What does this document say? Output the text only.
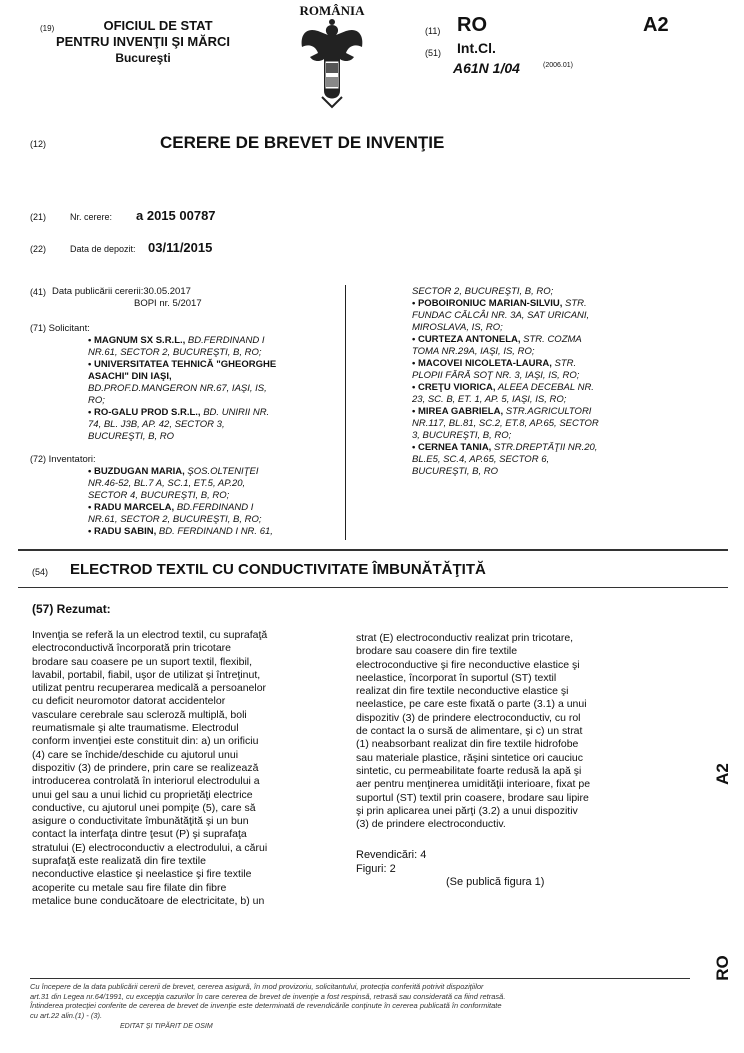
(19)	OFICIUL DE STAT
PENTRU INVENŢII ŞI MĂRCI
Bucureşti
ROMÂNIA
(11) RO	A2
(51)	Int.Cl.
A61N 1/04	(2006.01)
(12)	CERERE DE BREVET DE INVENŢIE
(21)	Nr. cerere: a 2015 00787
(22)	Data de depozit: 03/11/2015
(41) Data publicării cererii:30.05.2017
BOPI nr. 5/2017
(71) Solicitant:
• MAGNUM SX S.R.L., BD.FERDINAND I
NR.61, SECTOR 2, BUCUREŞTI, B, RO;
• UNIVERSITATEA TEHNICĂ "GHEORGHE
ASACHI" DIN IAŞI,
BD.PROF.D.MANGERON NR.67, IAŞI, IS,
RO;
• RO-GALU PROD S.R.L., BD. UNIRII NR.
74, BL. J3B, AP. 42, SECTOR 3,
BUCUREŞTI, B, RO
(72) Inventatori:
• BUZDUGAN MARIA, ŞOS.OLTENIŢEI
NR.46-52, BL.7 A, SC.1, ET.5, AP.20,
SECTOR 4, BUCUREŞTI, B, RO;
• RADU MARCELA, BD.FERDINAND I
NR.61, SECTOR 2, BUCUREŞTI, B, RO;
• RADU SABIN, BD. FERDINAND I NR. 61,
SECTOR 2, BUCUREŞTI, B, RO;
• POBOIRONIUC MARIAN-SILVIU, STR.
FUNDAC CĂLCÂI NR. 3A, SAT URICANI,
MIROSLAVA, IS, RO;
• CURTEZA ANTONELA, STR. COZMA
TOMA NR.29A, IAŞI, IS, RO;
• MACOVEI NICOLETA-LAURA, STR.
PLOPII FĂRĂ SOŢ NR. 3, IAŞI, IS, RO;
• CREŢU VIORICA, ALEEA DECEBAL NR.
23, SC. B, ET. 1, AP. 5, IAŞI, IS, RO;
• MIREA GABRIELA, STR.AGRICULTORI
NR.117, BL.81, SC.2, ET.8, AP.65, SECTOR
3, BUCUREŞTI, B, RO;
• CERNEA TANIA, STR.DREPTĂŢII NR.20,
BL.E5, SC.4, AP.65, SECTOR 6,
BUCUREŞTI, B, RO
(54) ELECTROD TEXTIL CU CONDUCTIVITATE ÎMBUNĂTĂŢITĂ
(57) Rezumat:
Invenţia se referă la un electrod textil, cu suprafaţă
electroconductivă încorporată prin tricotare
brodare sau coasere pe un suport textil, flexibil,
lavabil, portabil, fiabil, uşor de utilizat şi întreţinut,
utilizat pentru recuperarea medicală a persoanelor
cu deficit neuromotor datorat accidentelor
vasculare cerebrale sau sclerozã multiplă, boli
reumatismale şi alte traumatisme. Electrodul
conform invenţiei este constituit din: a) un orificiu
(4) care se închide/deschide cu ajutorul unui
dispozitiv (3) de prindere, prin care se realizează
introducerea controlată în interiorul electrodului a
unui gel sau a unui lichid cu proprietăţi electrice
conductive, cu ajutorul unei pompiţe (5), care să
asigure o conductivitate îmbunătăţită şi un bun
contact la interfaţa dintre ţesut (P) şi suprafaţa
stratului (E) electroconductiv a electrodului, a cărui
suprafaţă este realizată din fire textile
neconductive elastice şi neelastice şi fire textile
acoperite cu metale sau fire filate din fibre
metalice bune conducătoare de electricitate, b) un
strat (E) electroconductiv realizat prin tricotare,
brodare sau coasere din fire textile
electroconductive şi fire neconductive elastice şi
neelastice, încorporat în suportul (ST) textil
realizat din fire textile neconductive elastice şi
neelastice, pe care este fixată o parte (3.1) a unui
dispozitiv (3) de prindere electroconductiv, cu rol
de contact la o sursă de alimentare, şi c) un strat
(1) neabsorbant realizat din fire textile hidrofobe
sau materiale plastice, răşini sintetice ori cauciuc
sintetic, cu permeabilitate foarte redusă la apă şi
aer pentru menţinerea umidităţii interioare, fixat pe
suportul (ST) textil prin coasere, brodare sau lipire
şi prin aplicarea unei părţi (3.2) a unui dispozitiv
(3) de prindere electroconductiv.
Revendicări: 4
Figuri: 2
(Se publică figura 1)
A2
RO
Cu începere de la data publicării cererii de brevet, cererea asigură, în mod provizoriu, solicitantului, protecţia conferită potrivit dispoziţiilor
art.31 din Legea nr.64/1991, cu excepţia cazurilor în care cererea de brevet de invenţie a fost respinsă, retrasă sau considerată ca fiind retrasă.
Întinderea protecţiei conferite de cererea de brevet de invenţie este determinată de revendicările conţinute în cererea publicată în conformitate
cu art.22 alin.(1) - (3).
EDITAT ȘI TIPĂRIT DE OSIM
